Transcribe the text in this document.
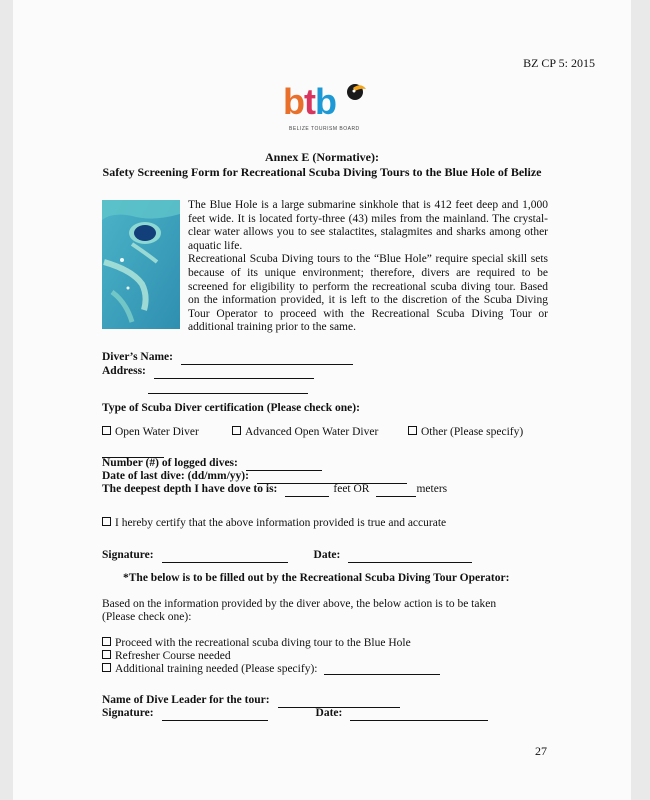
BZ CP 5: 2015
btb
BELIZE TOURISM BOARD
Annex E (Normative):
Safety Screening Form for Recreational Scuba Diving Tours to the Blue Hole of Belize

The Blue Hole is a large submarine sinkhole that is 412 feet deep and 1,000 feet wide. It is located forty-three (43) miles from the mainland. The crystal-clear water allows you to see stalactites, stalagmites and sharks among other aquatic life.

Recreational Scuba Diving tours to the “Blue Hole” require special skill sets because of its unique environment; therefore, divers are required to be screened for eligibility to perform the recreational scuba diving tour. Based on the information provided, it is left to the discretion of the Scuba Diving Tour Operator to proceed with the Recreational Scuba Diving Tour or additional training prior to the same.

Diver’s Name:
Address:
Type of Scuba Diver certification (Please check one):
Open Water Diver	Advanced Open Water Diver	Other (Please specify)
Number (#) of logged dives:
Date of last dive: (dd/mm/yy):
The deepest depth I have dove to is:	feet OR	meters
I hereby certify that the above information provided is true and accurate
Signature:	Date:
*The below is to be filled out by the Recreational Scuba Diving Tour Operator:
Based on the information provided by the diver above, the below action is to be taken
(Please check one):
Proceed with the recreational scuba diving tour to the Blue Hole
Refresher Course needed
Additional training needed (Please specify):
Name of Dive Leader for the tour:
Signature:	Date:
27
